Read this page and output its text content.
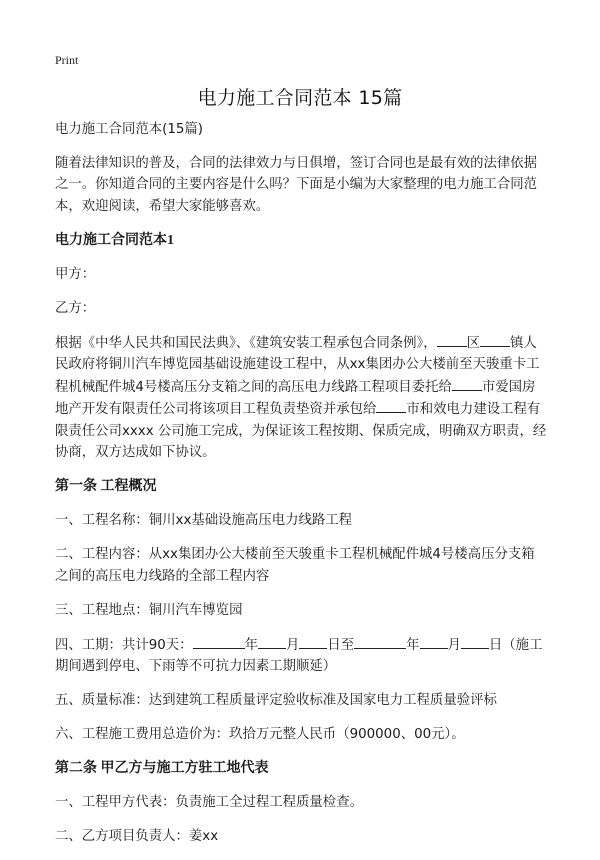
Print
电力施工合同范本 15篇

电力施工合同范本(15篇)

随着法律知识的普及，合同的法律效力与日俱增，签订合同也是最有效的法律依据之一。你知道合同的主要内容是什么吗？下面是小编为大家整理的电力施工合同范本，欢迎阅读，希望大家能够喜欢。

电力施工合同范本1

甲方：

乙方：

根据《中华人民共和国民法典》、《建筑安装工程承包合同条例》， 区 镇人民政府将铜川汽车博览园基础设施建设工程中，从xx集团办公大楼前至天骏重卡工程机械配件城4号楼高压分支箱之间的高压电力线路工程项目委托给 市爱国房地产开发有限责任公司将该项目工程负责垫资并承包给 市和效电力建设工程有限责任公司xxxx 公司施工完成，为保证该工程按期、保质完成，明确双方职责，经协商，双方达成如下协议。

第一条 工程概况

一、工程名称：铜川xx基础设施高压电力线路工程

二、工程内容：从xx集团办公大楼前至天骏重卡工程机械配件城4号楼高压分支箱之间的高压电力线路的全部工程内容

三、工程地点：铜川汽车博览园

四、工期：共计90天：	年 月 日至	年 月 日（施工期间遇到停电、下雨等不可抗力因素工期顺延）

五、质量标准：达到建筑工程质量评定验收标准及国家电力工程质量验评标

六、工程施工费用总造价为：玖拾万元整人民币（900000、00元）。

第二条 甲乙方与施工方驻工地代表

一、工程甲方代表：负责施工全过程工程质量检查。

二、乙方项目负责人：姜xx
